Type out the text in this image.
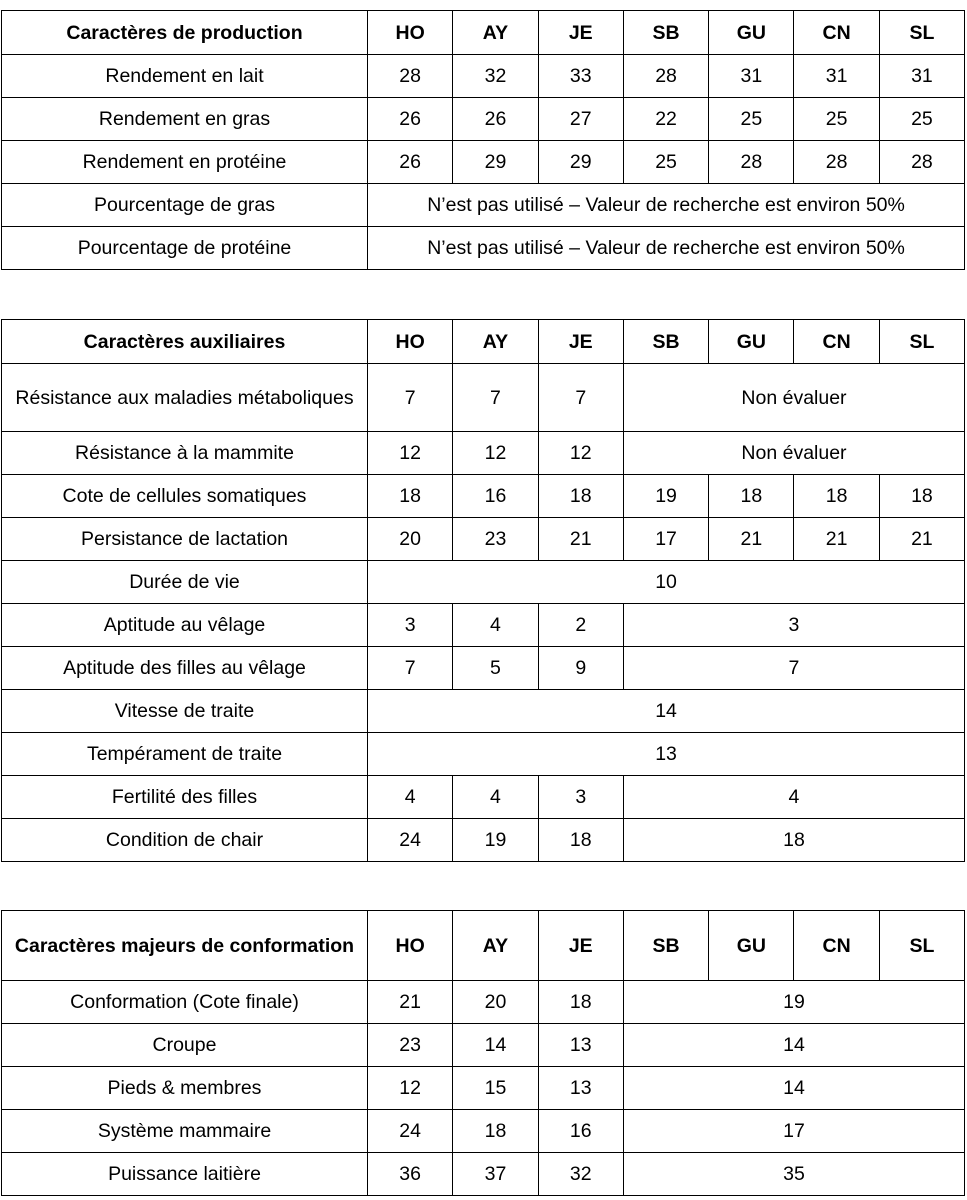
Caractères de production	HO	AY	JE	SB	GU	CN	SL
Rendement en lait	28	32	33	28	31	31	31
Rendement en gras	26	26	27	22	25	25	25
Rendement en protéine	26	29	29	25	28	28	28
Pourcentage de gras	N’est pas utilisé – Valeur de recherche est environ 50%						
Pourcentage de protéine	N’est pas utilisé – Valeur de recherche est environ 50%						
Caractères auxiliaires	HO	AY	JE	SB	GU	CN	SL
Résistance aux maladies métaboliques	7	7	7	Non évaluer			
Résistance à la mammite	12	12	12	Non évaluer			
Cote de cellules somatiques	18	16	18	19	18	18	18
Persistance de lactation	20	23	21	17	21	21	21
Durée de vie	10						
Aptitude au vêlage	3	4	2	3			
Aptitude des filles au vêlage	7	5	9	7			
Vitesse de traite	14						
Tempérament de traite	13						
Fertilité des filles	4	4	3	4			
Condition de chair	24	19	18	18			
Caractères majeurs de conformation	HO	AY	JE	SB	GU	CN	SL
Conformation (Cote finale)	21	20	18	19			
Croupe	23	14	13	14			
Pieds & membres	12	15	13	14			
Système mammaire	24	18	16	17			
Puissance laitière	36	37	32	35			
